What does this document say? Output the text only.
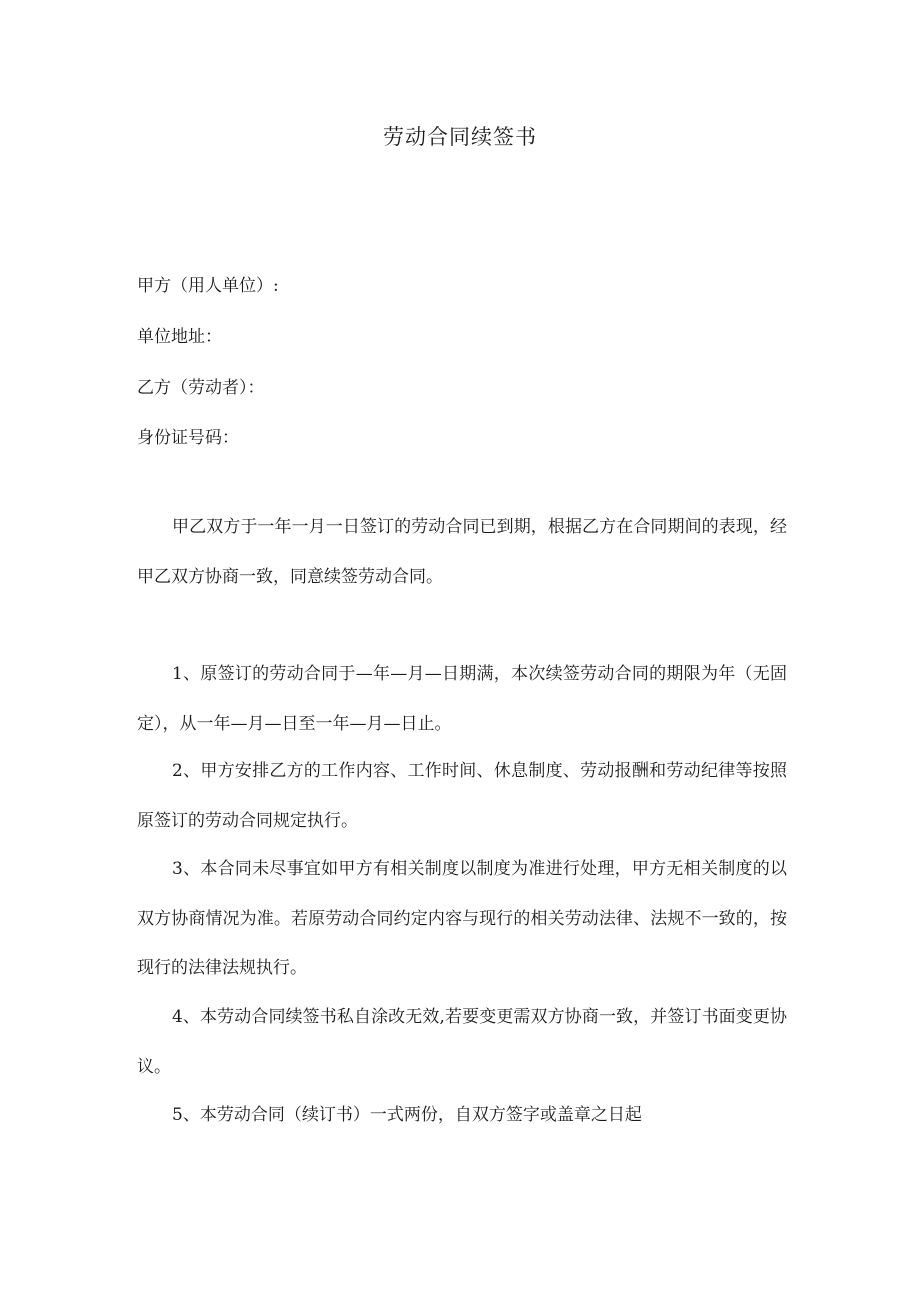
劳动合同续签书
甲方（用人单位）:
单位地址：
乙方（劳动者）：
身份证号码：

甲乙双方于一年一月一日签订的劳动合同已到期，根据乙方在合同期间的表现，经甲乙双方协商一致，同意续签劳动合同。

1、原签订的劳动合同于—年—月—日期满，本次续签劳动合同的期限为年（无固定），从一年—月—日至一年—月—日止。

2、甲方安排乙方的工作内容、工作时间、休息制度、劳动报酬和劳动纪律等按照原签订的劳动合同规定执行。

3、本合同未尽事宜如甲方有相关制度以制度为准进行处理，甲方无相关制度的以双方协商情况为准。若原劳动合同约定内容与现行的相关劳动法律、法规不一致的，按现行的法律法规执行。

4、本劳动合同续签书私自涂改无效,若要变更需双方协商一致，并签订书面变更协议。

5、本劳动合同（续订书）一式两份，自双方签字或盖章之日起
